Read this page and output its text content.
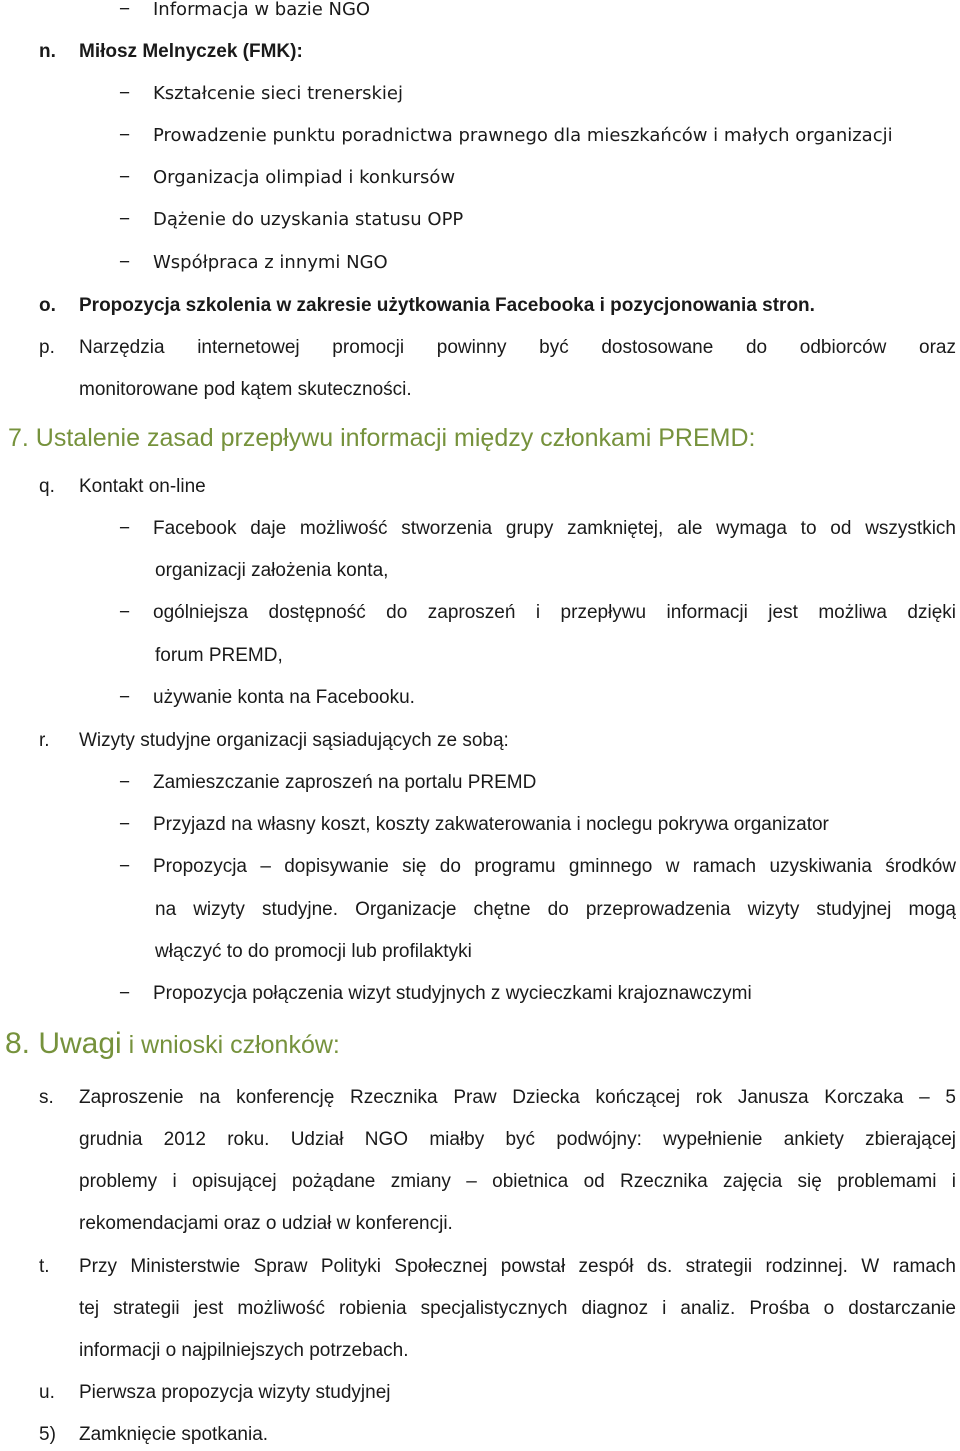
− Informacja w bazie NGO
n. Miłosz Melnyczek (FMK):
− Kształcenie sieci trenerskiej
− Prowadzenie punktu poradnictwa prawnego dla mieszkańców i małych organizacji
− Organizacja olimpiad i konkursów
− Dążenie do uzyskania statusu OPP
− Współpraca z innymi NGO
o. Propozycja szkolenia w zakresie użytkowania Facebooka i pozycjonowania stron.
p. Narzędzia internetowej promocji powinny być dostosowane do odbiorców oraz
monitorowane pod kątem skuteczności.
7. Ustalenie zasad przepływu informacji między członkami PREMD:
q. Kontakt on-line
− Facebook daje możliwość stworzenia grupy zamkniętej, ale wymaga to od wszystkich
organizacji założenia konta,
− ogólniejsza dostępność do zaproszeń i przepływu informacji jest możliwa dzięki
forum PREMD,
− używanie konta na Facebooku.
r. Wizyty studyjne organizacji sąsiadujących ze sobą:
− Zamieszczanie zaproszeń na portalu PREMD
− Przyjazd na własny koszt, koszty zakwaterowania i noclegu pokrywa organizator
− Propozycja – dopisywanie się do programu gminnego w ramach uzyskiwania środków
na wizyty studyjne. Organizacje chętne do przeprowadzenia wizyty studyjnej mogą
włączyć to do promocji lub profilaktyki
− Propozycja połączenia wizyt studyjnych z wycieczkami krajoznawczymi
8. Uwagi i wnioski członków:
s. Zaproszenie na konferencję Rzecznika Praw Dziecka kończącej rok Janusza Korczaka – 5
grudnia 2012 roku. Udział NGO miałby być podwójny: wypełnienie ankiety zbierającej
problemy i opisującej pożądane zmiany – obietnica od Rzecznika zajęcia się problemami i
rekomendacjami oraz o udział w konferencji.
t. Przy Ministerstwie Spraw Polityki Społecznej powstał zespół ds. strategii rodzinnej. W ramach
tej strategii jest możliwość robienia specjalistycznych diagnoz i analiz. Prośba o dostarczanie
informacji o najpilniejszych potrzebach.
u. Pierwsza propozycja wizyty studyjnej
5) Zamknięcie spotkania.
